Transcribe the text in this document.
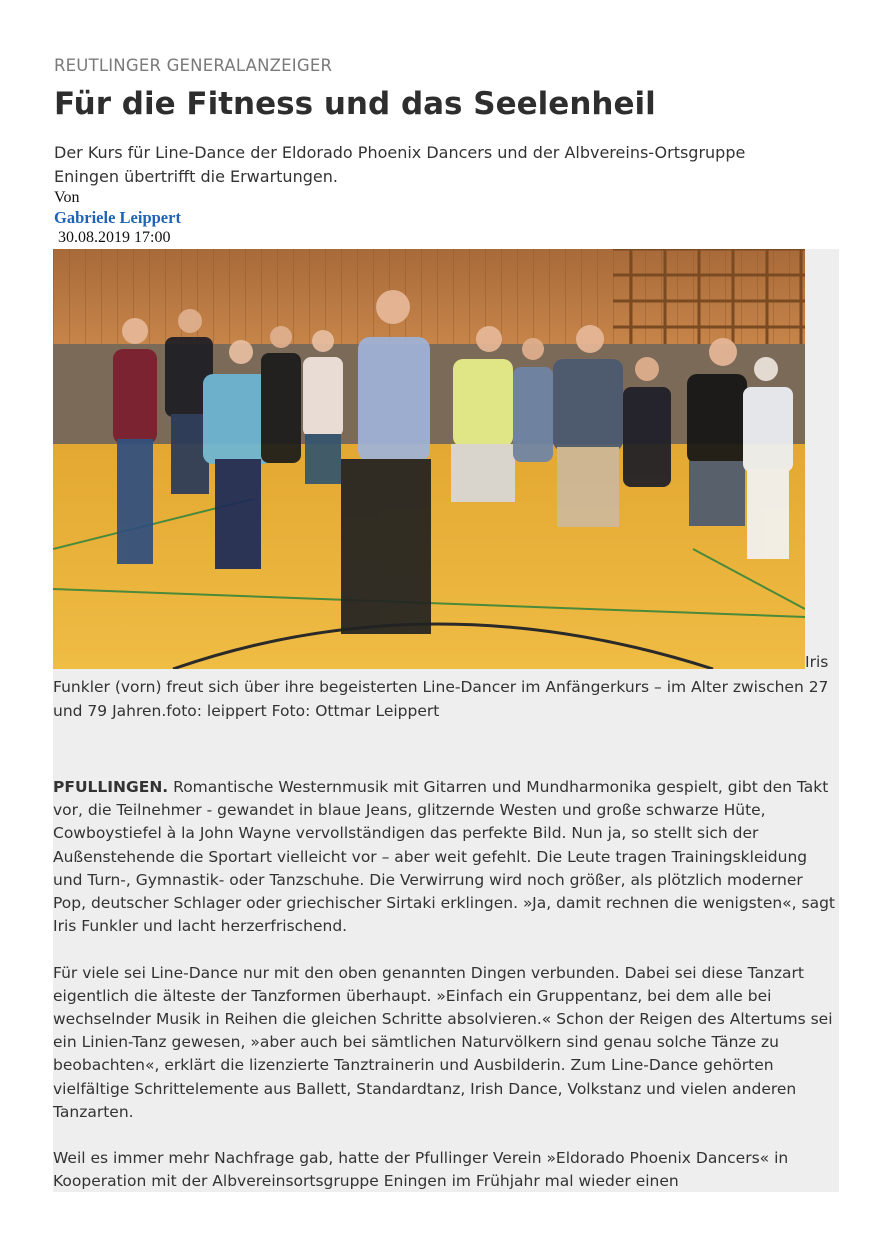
REUTLINGER GENERALANZEIGER
Für die Fitness und das Seelenheil

Der Kurs für Line-Dance der Eldorado Phoenix Dancers und der Albvereins-Ortsgruppe Eningen übertrifft die Erwartungen.

Von
Gabriele Leippert
30.08.2019 17:00
Iris

Funkler (vorn) freut sich über ihre begeisterten Line-Dancer im Anfängerkurs – im Alter zwischen 27 und 79 Jahren.foto: leippert Foto: Ottmar Leippert

PFULLINGEN. Romantische Westernmusik mit Gitarren und Mundharmonika gespielt, gibt den Takt vor, die Teilnehmer - gewandet in blaue Jeans, glitzernde Westen und große schwarze Hüte, Cowboystiefel à la John Wayne vervollständigen das perfekte Bild. Nun ja, so stellt sich der Außenstehende die Sportart vielleicht vor – aber weit gefehlt. Die Leute tragen Trainingskleidung und Turn-, Gymnastik- oder Tanzschuhe. Die Verwirrung wird noch größer, als plötzlich moderner Pop, deutscher Schlager oder griechischer Sirtaki erklingen. »Ja, damit rechnen die wenigsten«, sagt Iris Funkler und lacht herzerfrischend.

Für viele sei Line-Dance nur mit den oben genannten Dingen verbunden. Dabei sei diese Tanzart eigentlich die älteste der Tanzformen überhaupt. »Einfach ein Gruppentanz, bei dem alle bei wechselnder Musik in Reihen die gleichen Schritte absolvieren.« Schon der Reigen des Altertums sei ein Linien-Tanz gewesen, »aber auch bei sämtlichen Naturvölkern sind genau solche Tänze zu beobachten«, erklärt die lizenzierte Tanztrainerin und Ausbilderin. Zum Line-Dance gehörten vielfältige Schrittelemente aus Ballett, Standardtanz, Irish Dance, Volkstanz und vielen anderen Tanzarten.

Weil es immer mehr Nachfrage gab, hatte der Pfullinger Verein »Eldorado Phoenix Dancers« in Kooperation mit der Albvereinsortsgruppe Eningen im Frühjahr mal wieder einen
